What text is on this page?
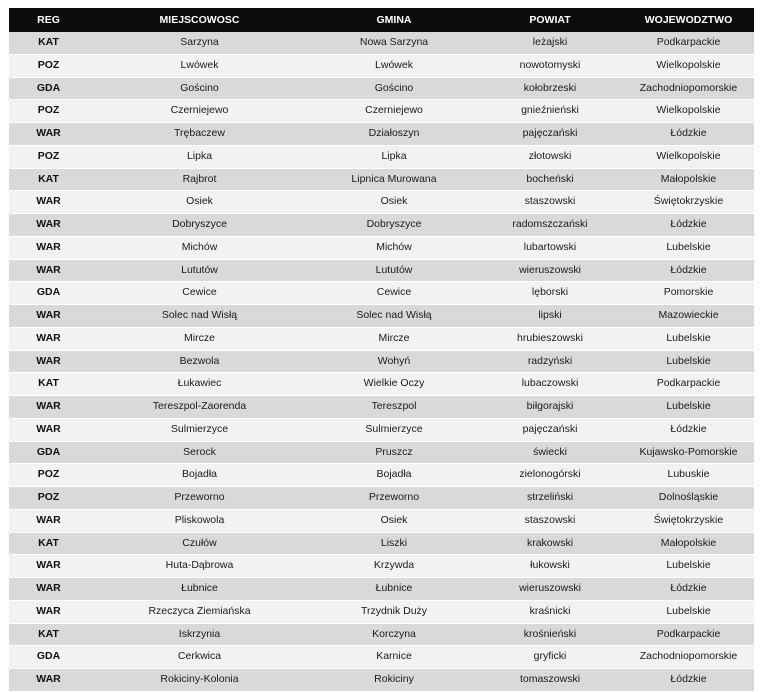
REG	MIEJSCOWOSC	GMINA	POWIAT	WOJEWODZTWO
KAT	Sarzyna	Nowa Sarzyna	leżajski	Podkarpackie
POZ	Lwówek	Lwówek	nowotomyski	Wielkopolskie
GDA	Gościno	Gościno	kołobrzeski	Zachodniopomorskie
POZ	Czerniejewo	Czerniejewo	gnieźnieński	Wielkopolskie
WAR	Trębaczew	Działoszyn	pajęczański	Łódzkie
POZ	Lipka	Lipka	złotowski	Wielkopolskie
KAT	Rajbrot	Lipnica Murowana	bocheński	Małopolskie
WAR	Osiek	Osiek	staszowski	Świętokrzyskie
WAR	Dobryszyce	Dobryszyce	radomszczański	Łódzkie
WAR	Michów	Michów	lubartowski	Lubelskie
WAR	Lututów	Lututów	wieruszowski	Łódzkie
GDA	Cewice	Cewice	lęborski	Pomorskie
WAR	Solec nad Wisłą	Solec nad Wisłą	lipski	Mazowieckie
WAR	Mircze	Mircze	hrubieszowski	Lubelskie
WAR	Bezwola	Wohyń	radzyński	Lubelskie
KAT	Łukawiec	Wielkie Oczy	lubaczowski	Podkarpackie
WAR	Tereszpol-Zaorenda	Tereszpol	biłgorajski	Lubelskie
WAR	Sulmierzyce	Sulmierzyce	pajęczański	Łódzkie
GDA	Serock	Pruszcz	świecki	Kujawsko-Pomorskie
POZ	Bojadła	Bojadła	zielonogórski	Lubuskie
POZ	Przeworno	Przeworno	strzeliński	Dolnośląskie
WAR	Pliskowola	Osiek	staszowski	Świętokrzyskie
KAT	Czułów	Liszki	krakowski	Małopolskie
WAR	Huta-Dąbrowa	Krzywda	łukowski	Lubelskie
WAR	Łubnice	Łubnice	wieruszowski	Łódzkie
WAR	Rzeczyca Ziemiańska	Trzydnik Duży	kraśnicki	Lubelskie
KAT	Iskrzynia	Korczyna	krośnieński	Podkarpackie
GDA	Cerkwica	Karnice	gryficki	Zachodniopomorskie
WAR	Rokiciny-Kolonia	Rokiciny	tomaszowski	Łódzkie
